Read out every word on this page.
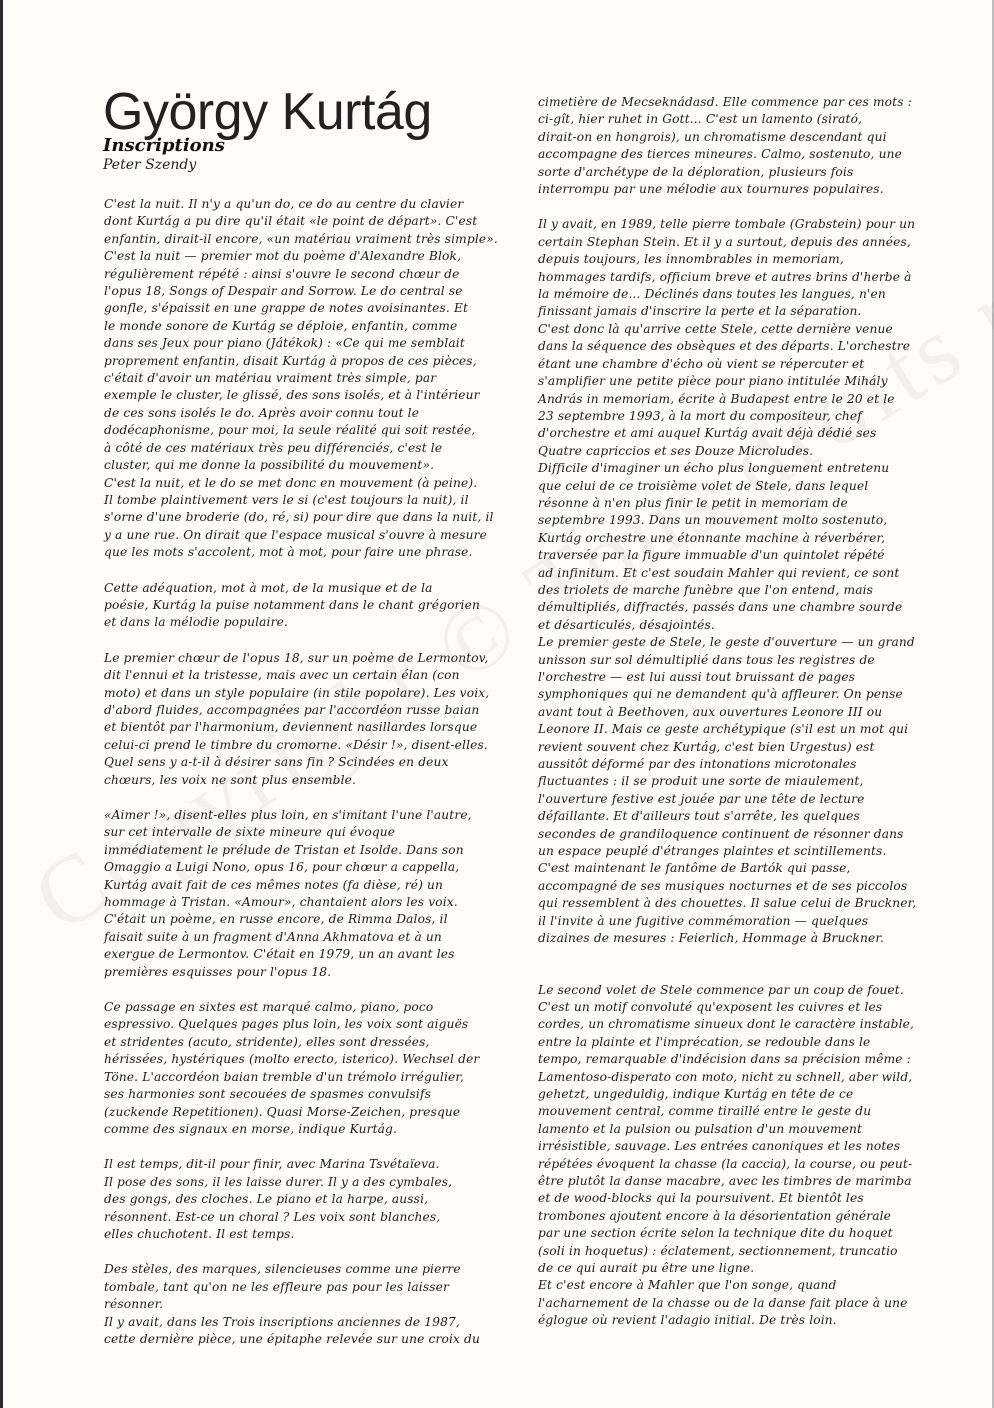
György Kurtág
Inscriptions
Peter Szendy
C'est la nuit. Il n'y a qu'un do, ce do au centre du clavier
dont Kurtág a pu dire qu'il était «le point de départ». C'est
enfantin, dirait-il encore, «un matériau vraiment très simple».
C'est la nuit — premier mot du poème d'Alexandre Blok,
régulièrement répété : ainsi s'ouvre le second chœur de
l'opus 18, Songs of Despair and Sorrow. Le do central se
gonfle, s'épaissit en une grappe de notes avoisinantes. Et
le monde sonore de Kurtág se déploie, enfantin, comme
dans ses Jeux pour piano (Játékok) : «Ce qui me semblait
proprement enfantin, disait Kurtág à propos de ces pièces,
c'était d'avoir un matériau vraiment très simple, par
exemple le cluster, le glissé, des sons isolés, et à l'intérieur
de ces sons isolés le do. Après avoir connu tout le
dodécaphonisme, pour moi, la seule réalité qui soit restée,
à côté de ces matériaux très peu différenciés, c'est le
cluster, qui me donne la possibilité du mouvement».
C'est la nuit, et le do se met donc en mouvement (à peine).
Il tombe plaintivement vers le si (c'est toujours la nuit), il
s'orne d'une broderie (do, ré, si) pour dire que dans la nuit, il
y a une rue. On dirait que l'espace musical s'ouvre à mesure
que les mots s'accolent, mot à mot, pour faire une phrase.
Cette adéquation, mot à mot, de la musique et de la
poésie, Kurtág la puise notamment dans le chant grégorien
et dans la mélodie populaire.
Le premier chœur de l'opus 18, sur un poème de Lermontov,
dit l'ennui et la tristesse, mais avec un certain élan (con
moto) et dans un style populaire (in stile popolare). Les voix,
d'abord fluides, accompagnées par l'accordéon russe baian
et bientôt par l'harmonium, deviennent nasillardes lorsque
celui-ci prend le timbre du cromorne. «Désir !», disent-elles.
Quel sens y a-t-il à désirer sans fin ? Scindées en deux
chœurs, les voix ne sont plus ensemble.
«Aimer !», disent-elles plus loin, en s'imitant l'une l'autre,
sur cet intervalle de sixte mineure qui évoque
immédiatement le prélude de Tristan et Isolde. Dans son
Omaggio a Luigi Nono, opus 16, pour chœur a cappella,
Kurtág avait fait de ces mêmes notes (fa dièse, ré) un
hommage à Tristan. «Amour», chantaient alors les voix.
C'était un poème, en russe encore, de Rimma Dalos, il
faisait suite à un fragment d'Anna Akhmatova et à un
exergue de Lermontov. C'était en 1979, un an avant les
premières esquisses pour l'opus 18.
Ce passage en sixtes est marqué calmo, piano, poco
espressivo. Quelques pages plus loin, les voix sont aiguës
et stridentes (acuto, stridente), elles sont dressées,
hérissées, hystériques (molto erecto, isterico). Wechsel der
Töne. L'accordéon baian tremble d'un trémolo irrégulier,
ses harmonies sont secouées de spasmes convulsifs
(zuckende Repetitionen). Quasi Morse-Zeichen, presque
comme des signaux en morse, indique Kurtág.
Il est temps, dit-il pour finir, avec Marina Tsvétaïeva.
Il pose des sons, il les laisse durer. Il y a des cymbales,
des gongs, des cloches. Le piano et la harpe, aussi,
résonnent. Est-ce un choral ? Les voix sont blanches,
elles chuchotent. Il est temps.
Des stèles, des marques, silencieuses comme une pierre
tombale, tant qu'on ne les effleure pas pour les laisser
résonner.
Il y avait, dans les Trois inscriptions anciennes de 1987,
cette dernière pièce, une épitaphe relevée sur une croix du
cimetière de Mecseknádasd. Elle commence par ces mots :
ci-gît, hier ruhet in Gott... C'est un lamento (sirató,
dirait-on en hongrois), un chromatisme descendant qui
accompagne des tierces mineures. Calmo, sostenuto, une
sorte d'archétype de la déploration, plusieurs fois
interrompu par une mélodie aux tournures populaires.
Il y avait, en 1989, telle pierre tombale (Grabstein) pour un
certain Stephan Stein. Et il y a surtout, depuis des années,
depuis toujours, les innombrables in memoriam,
hommages tardifs, officium breve et autres brins d'herbe à
la mémoire de... Déclinés dans toutes les langues, n'en
finissant jamais d'inscrire la perte et la séparation.
C'est donc là qu'arrive cette Stele, cette dernière venue
dans la séquence des obsèques et des départs. L'orchestre
étant une chambre d'écho où vient se répercuter et
s'amplifier une petite pièce pour piano intitulée Mihály
András in memoriam, écrite à Budapest entre le 20 et le
23 septembre 1993, à la mort du compositeur, chef
d'orchestre et ami auquel Kurtág avait déjà dédié ses
Quatre capriccios et ses Douze Microludes.
Difficile d'imaginer un écho plus longuement entretenu
que celui de ce troisième volet de Stele, dans lequel
résonne à n'en plus finir le petit in memoriam de
septembre 1993. Dans un mouvement molto sostenuto,
Kurtág orchestre une étonnante machine à réverbérer,
traversée par la figure immuable d'un quintolet répété
ad infinitum. Et c'est soudain Mahler qui revient, ce sont
des triolets de marche funèbre que l'on entend, mais
démultipliés, diffractés, passés dans une chambre sourde
et désarticulés, désajointés.
Le premier geste de Stele, le geste d'ouverture — un grand
unisson sur sol démultiplié dans tous les registres de
l'orchestre — est lui aussi tout bruissant de pages
symphoniques qui ne demandent qu'à affleurer. On pense
avant tout à Beethoven, aux ouvertures Leonore III ou
Leonore II. Mais ce geste archétypique (s'il est un mot qui
revient souvent chez Kurtág, c'est bien Urgestus) est
aussitôt déformé par des intonations microtonales
fluctuantes : il se produit une sorte de miaulement,
l'ouverture festive est jouée par une tête de lecture
défaillante. Et d'ailleurs tout s'arrête, les quelques
secondes de grandiloquence continuent de résonner dans
un espace peuplé d'étranges plaintes et scintillements.
C'est maintenant le fantôme de Bartók qui passe,
accompagné de ses musiques nocturnes et de ses piccolos
qui ressemblent à des chouettes. Il salue celui de Bruckner,
il l'invite à une fugitive commémoration — quelques
dizaines de mesures : Feierlich, Hommage à Bruckner.
Le second volet de Stele commence par un coup de fouet.
C'est un motif convoluté qu'exposent les cuivres et les
cordes, un chromatisme sinueux dont le caractère instable,
entre la plainte et l'imprécation, se redouble dans le
tempo, remarquable d'indécision dans sa précision même :
Lamentoso-disperato con moto, nicht zu schnell, aber wild,
gehetzt, ungeduldig, indique Kurtág en tête de ce
mouvement central, comme tiraillé entre le geste du
lamento et la pulsion ou pulsation d'un mouvement
irrésistible, sauvage. Les entrées canoniques et les notes
répétées évoquent la chasse (la caccia), la course, ou peut-
être plutôt la danse macabre, avec les timbres de marimba
et de wood-blocks qui la poursuivent. Et bientôt les
trombones ajoutent encore à la désorientation générale
par une section écrite selon la technique dite du hoquet
(soli in hoquetus) : éclatement, sectionnement, truncatio
de ce qui aurait pu être une ligne.
Et c'est encore à Mahler que l'on songe, quand
l'acharnement de la chasse ou de la danse fait place à une
églogue où revient l'adagio initial. De très loin.
